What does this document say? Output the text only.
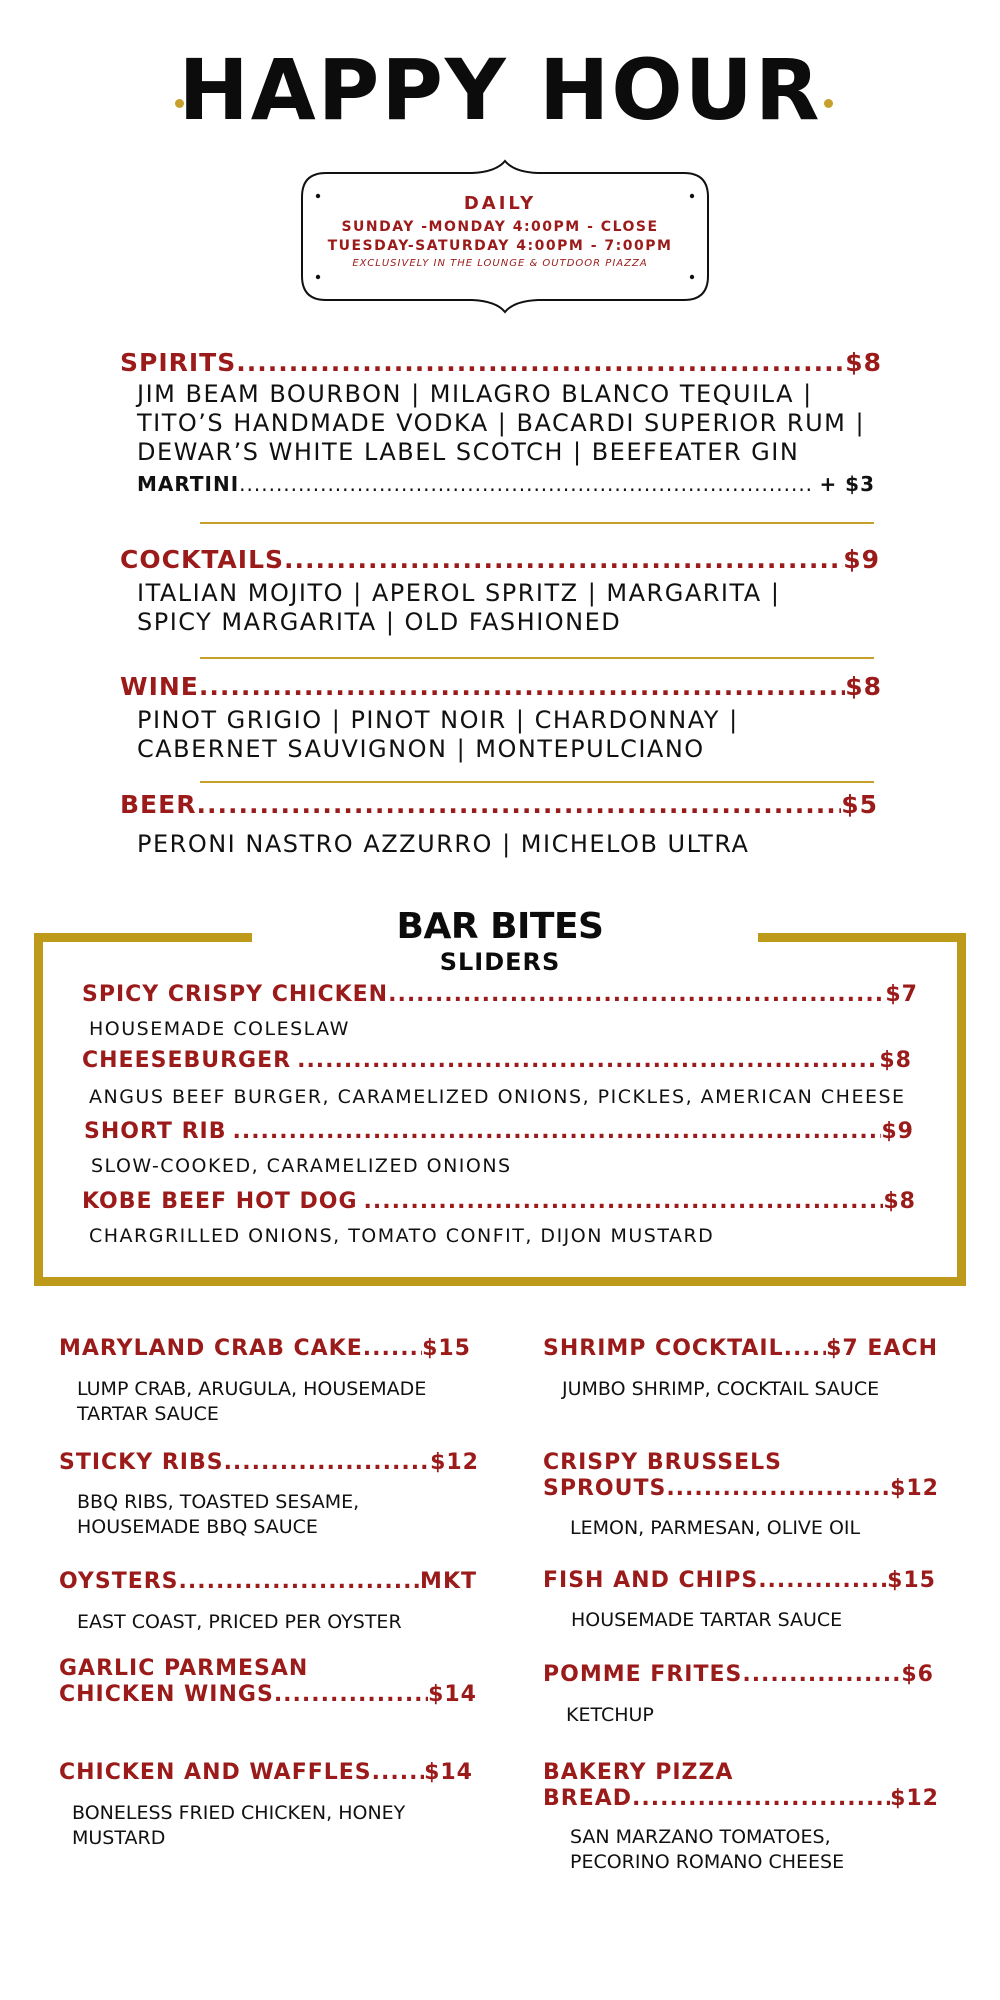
HAPPY HOUR
DAILY
SUNDAY -MONDAY 4:00PM - CLOSE
TUESDAY-SATURDAY 4:00PM - 7:00PM
EXCLUSIVELY IN THE LOUNGE & OUTDOOR PIAZZA
SPIRITS .....	$8
JIM BEAM BOURBON | MILAGRO BLANCO TEQUILA |
TITO’S HANDMADE VODKA | BACARDI SUPERIOR RUM |
DEWAR’S WHITE LABEL SCOTCH | BEEFEATER GIN
MARTINI .....	+ $3
COCKTAILS .....	$9
ITALIAN MOJITO | APEROL SPRITZ | MARGARITA |
SPICY MARGARITA | OLD FASHIONED
WINE .....	$8
PINOT GRIGIO | PINOT NOIR | CHARDONNAY |
CABERNET SAUVIGNON | MONTEPULCIANO
BEER .....	$5
PERONI NASTRO AZZURRO | MICHELOB ULTRA
BAR BITES
SLIDERS
SPICY CRISPY CHICKEN .....	$7
HOUSEMADE COLESLAW
CHEESEBURGER .....	$8
ANGUS BEEF BURGER, CARAMELIZED ONIONS, PICKLES, AMERICAN CHEESE
SHORT RIB .....	$9
SLOW-COOKED, CARAMELIZED ONIONS
KOBE BEEF HOT DOG .....	$8
CHARGRILLED ONIONS, TOMATO CONFIT, DIJON MUSTARD
MARYLAND CRAB CAKE .....	$15
LUMP CRAB, ARUGULA, HOUSEMADE
TARTAR SAUCE
STICKY RIBS .....	$12
BBQ RIBS, TOASTED SESAME,
HOUSEMADE BBQ SAUCE
OYSTERS .....	MKT
EAST COAST, PRICED PER OYSTER
GARLIC PARMESAN
CHICKEN WINGS .....	$14
CHICKEN AND WAFFLES ..... $14
BONELESS FRIED CHICKEN, HONEY
MUSTARD
SHRIMP COCKTAIL ..... $7 EACH
JUMBO SHRIMP, COCKTAIL SAUCE
CRISPY BRUSSELS
SPROUTS .....	$12
LEMON, PARMESAN, OLIVE OIL
FISH AND CHIPS .....	$15
HOUSEMADE TARTAR SAUCE
POMME FRITES .....	$6
KETCHUP
BAKERY PIZZA
BREAD .....	$12
SAN MARZANO TOMATOES,
PECORINO ROMANO CHEESE
